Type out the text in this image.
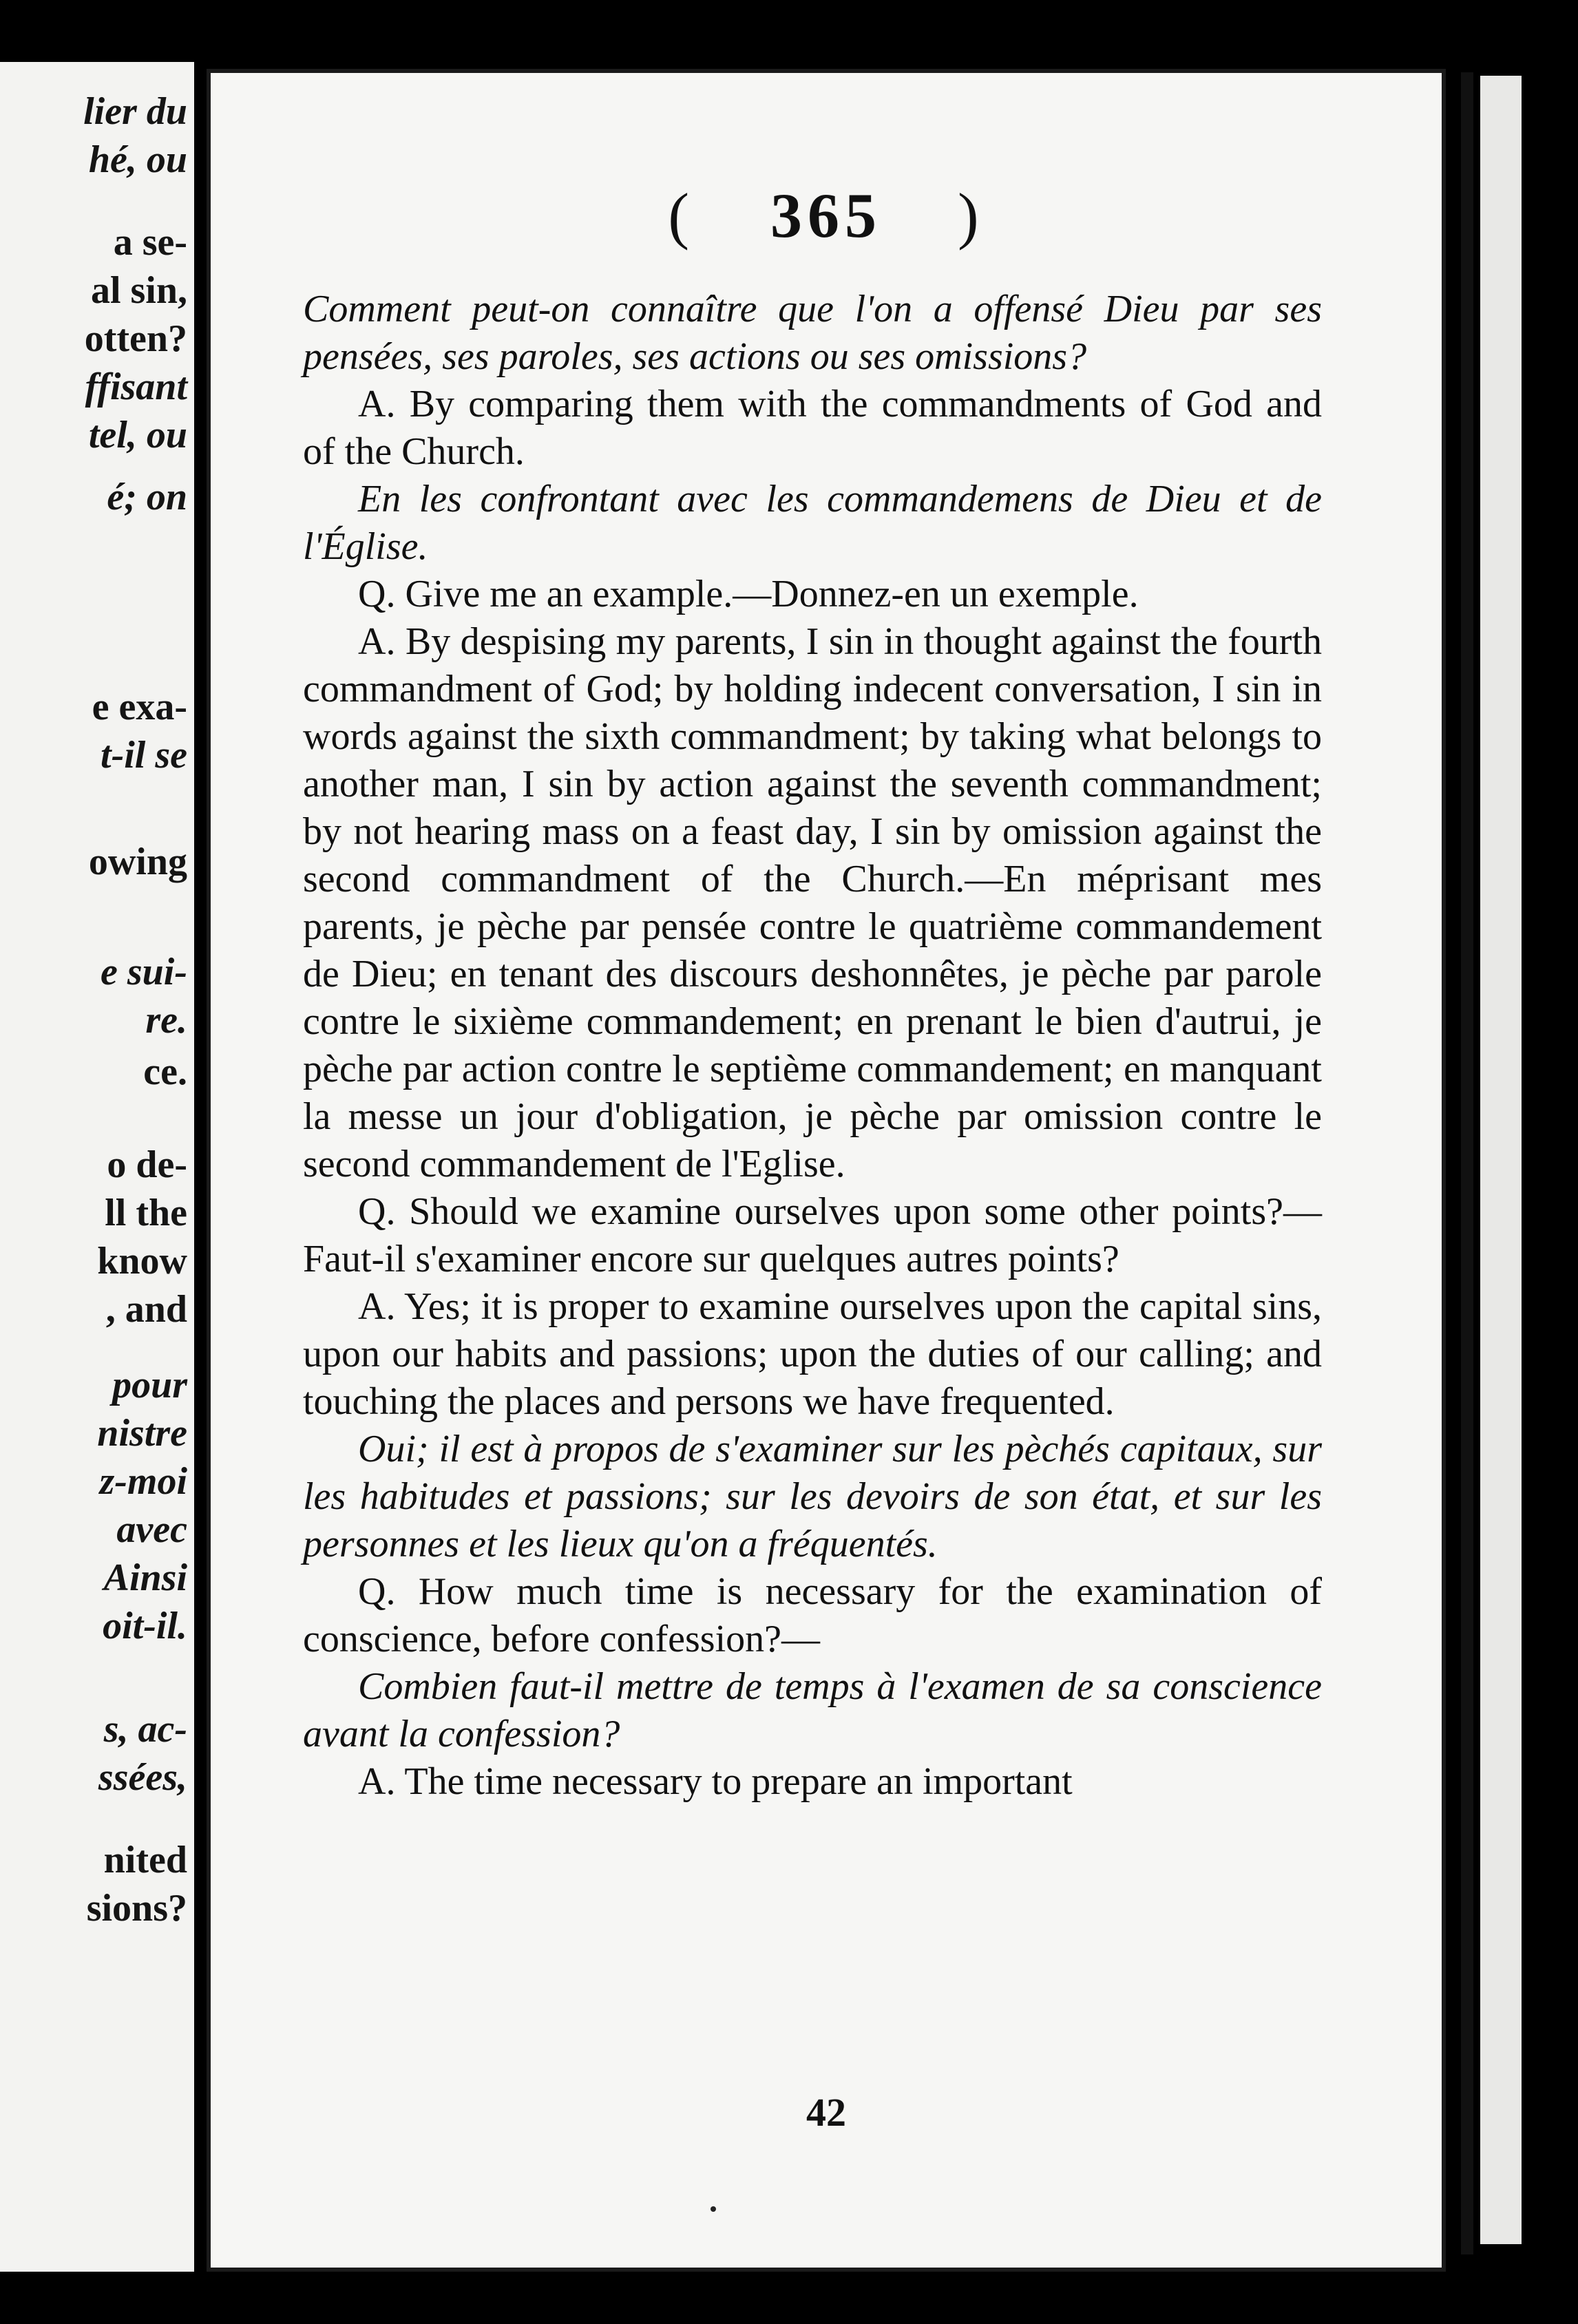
lier du
hé, ou
a se-
al sin,
otten?
ffisant
tel, ou
é; on
e exa-
t-il se
owing
e sui-
re.
ce.
o de-
ll the
know
, and
pour
nistre
z-moi
avec
Ainsi
oit-il.
s, ac-
ssées,
nited
sions?
( 365 )

Comment peut-on connaître que l'on a offensé Dieu par ses pensées, ses paroles, ses actions ou ses omissions?

A. By comparing them with the commandments of God and of the Church.

En les confrontant avec les commandemens de Dieu et de l'Église.

Q. Give me an example.—Donnez-en un exemple.

A. By despising my parents, I sin in thought against the fourth commandment of God; by holding indecent conversation, I sin in words against the sixth commandment; by taking what belongs to another man, I sin by action against the seventh commandment; by not hearing mass on a feast day, I sin by omission against the second commandment of the Church.—En méprisant mes parents, je pèche par pensée contre le quatrième commandement de Dieu; en tenant des discours deshonnêtes, je pèche par parole contre le sixième commandement; en prenant le bien d'autrui, je pèche par action contre le septième commandement; en manquant la messe un jour d'obligation, je pèche par omission contre le second commandement de l'Eglise.

Q. Should we examine ourselves upon some other points?—Faut-il s'examiner encore sur quelques autres points?

A. Yes; it is proper to examine ourselves upon the capital sins, upon our habits and passions; upon the duties of our calling; and touching the places and persons we have frequented.

Oui; il est à propos de s'examiner sur les pèchés capitaux, sur les habitudes et passions; sur les devoirs de son état, et sur les personnes et les lieux qu'on a fréquentés.

Q. How much time is necessary for the examination of conscience, before confession?—

Combien faut-il mettre de temps à l'examen de sa conscience avant la confession?

A. The time necessary to prepare an important

42
